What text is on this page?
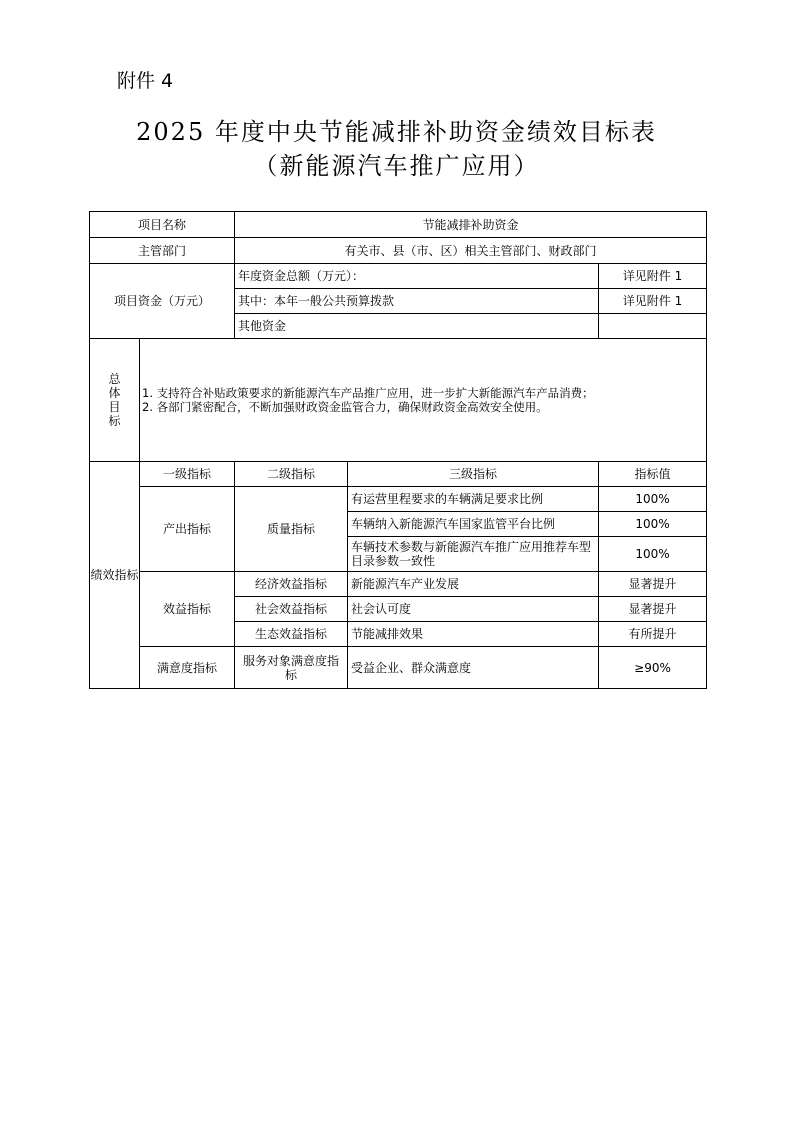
附件 4
2025 年度中央节能减排补助资金绩效目标表
（新能源汽车推广应用）
项目名称		节能减排补助资金		
主管部门		有关市、县（市、区）相关主管部门、财政部门		
项目资金（万元）		年度资金总额（万元）：		详见附件 1
		其中：本年一般公共预算拨款		详见附件 1
		其他资金		

总体目标	1. 支持符合补贴政策要求的新能源汽车产品推广应用，进一步扩大新能源汽车产品消费；
2. 各部门紧密配合，不断加强财政资金监管合力，确保财政资金高效安全使用。			

绩效指标	一级指标	二级指标	三级指标	指标值
	产出指标	质量指标	有运营里程要求的车辆满足要求比例	100%
			车辆纳入新能源汽车国家监管平台比例	100%
			车辆技术参数与新能源汽车推广应用推荐车型目录参数一致性	100%
	效益指标	经济效益指标	新能源汽车产业发展	显著提升
		社会效益指标	社会认可度	显著提升
		生态效益指标	节能减排效果	有所提升
	满意度指标	服务对象满意度指标	受益企业、群众满意度	≥90%
